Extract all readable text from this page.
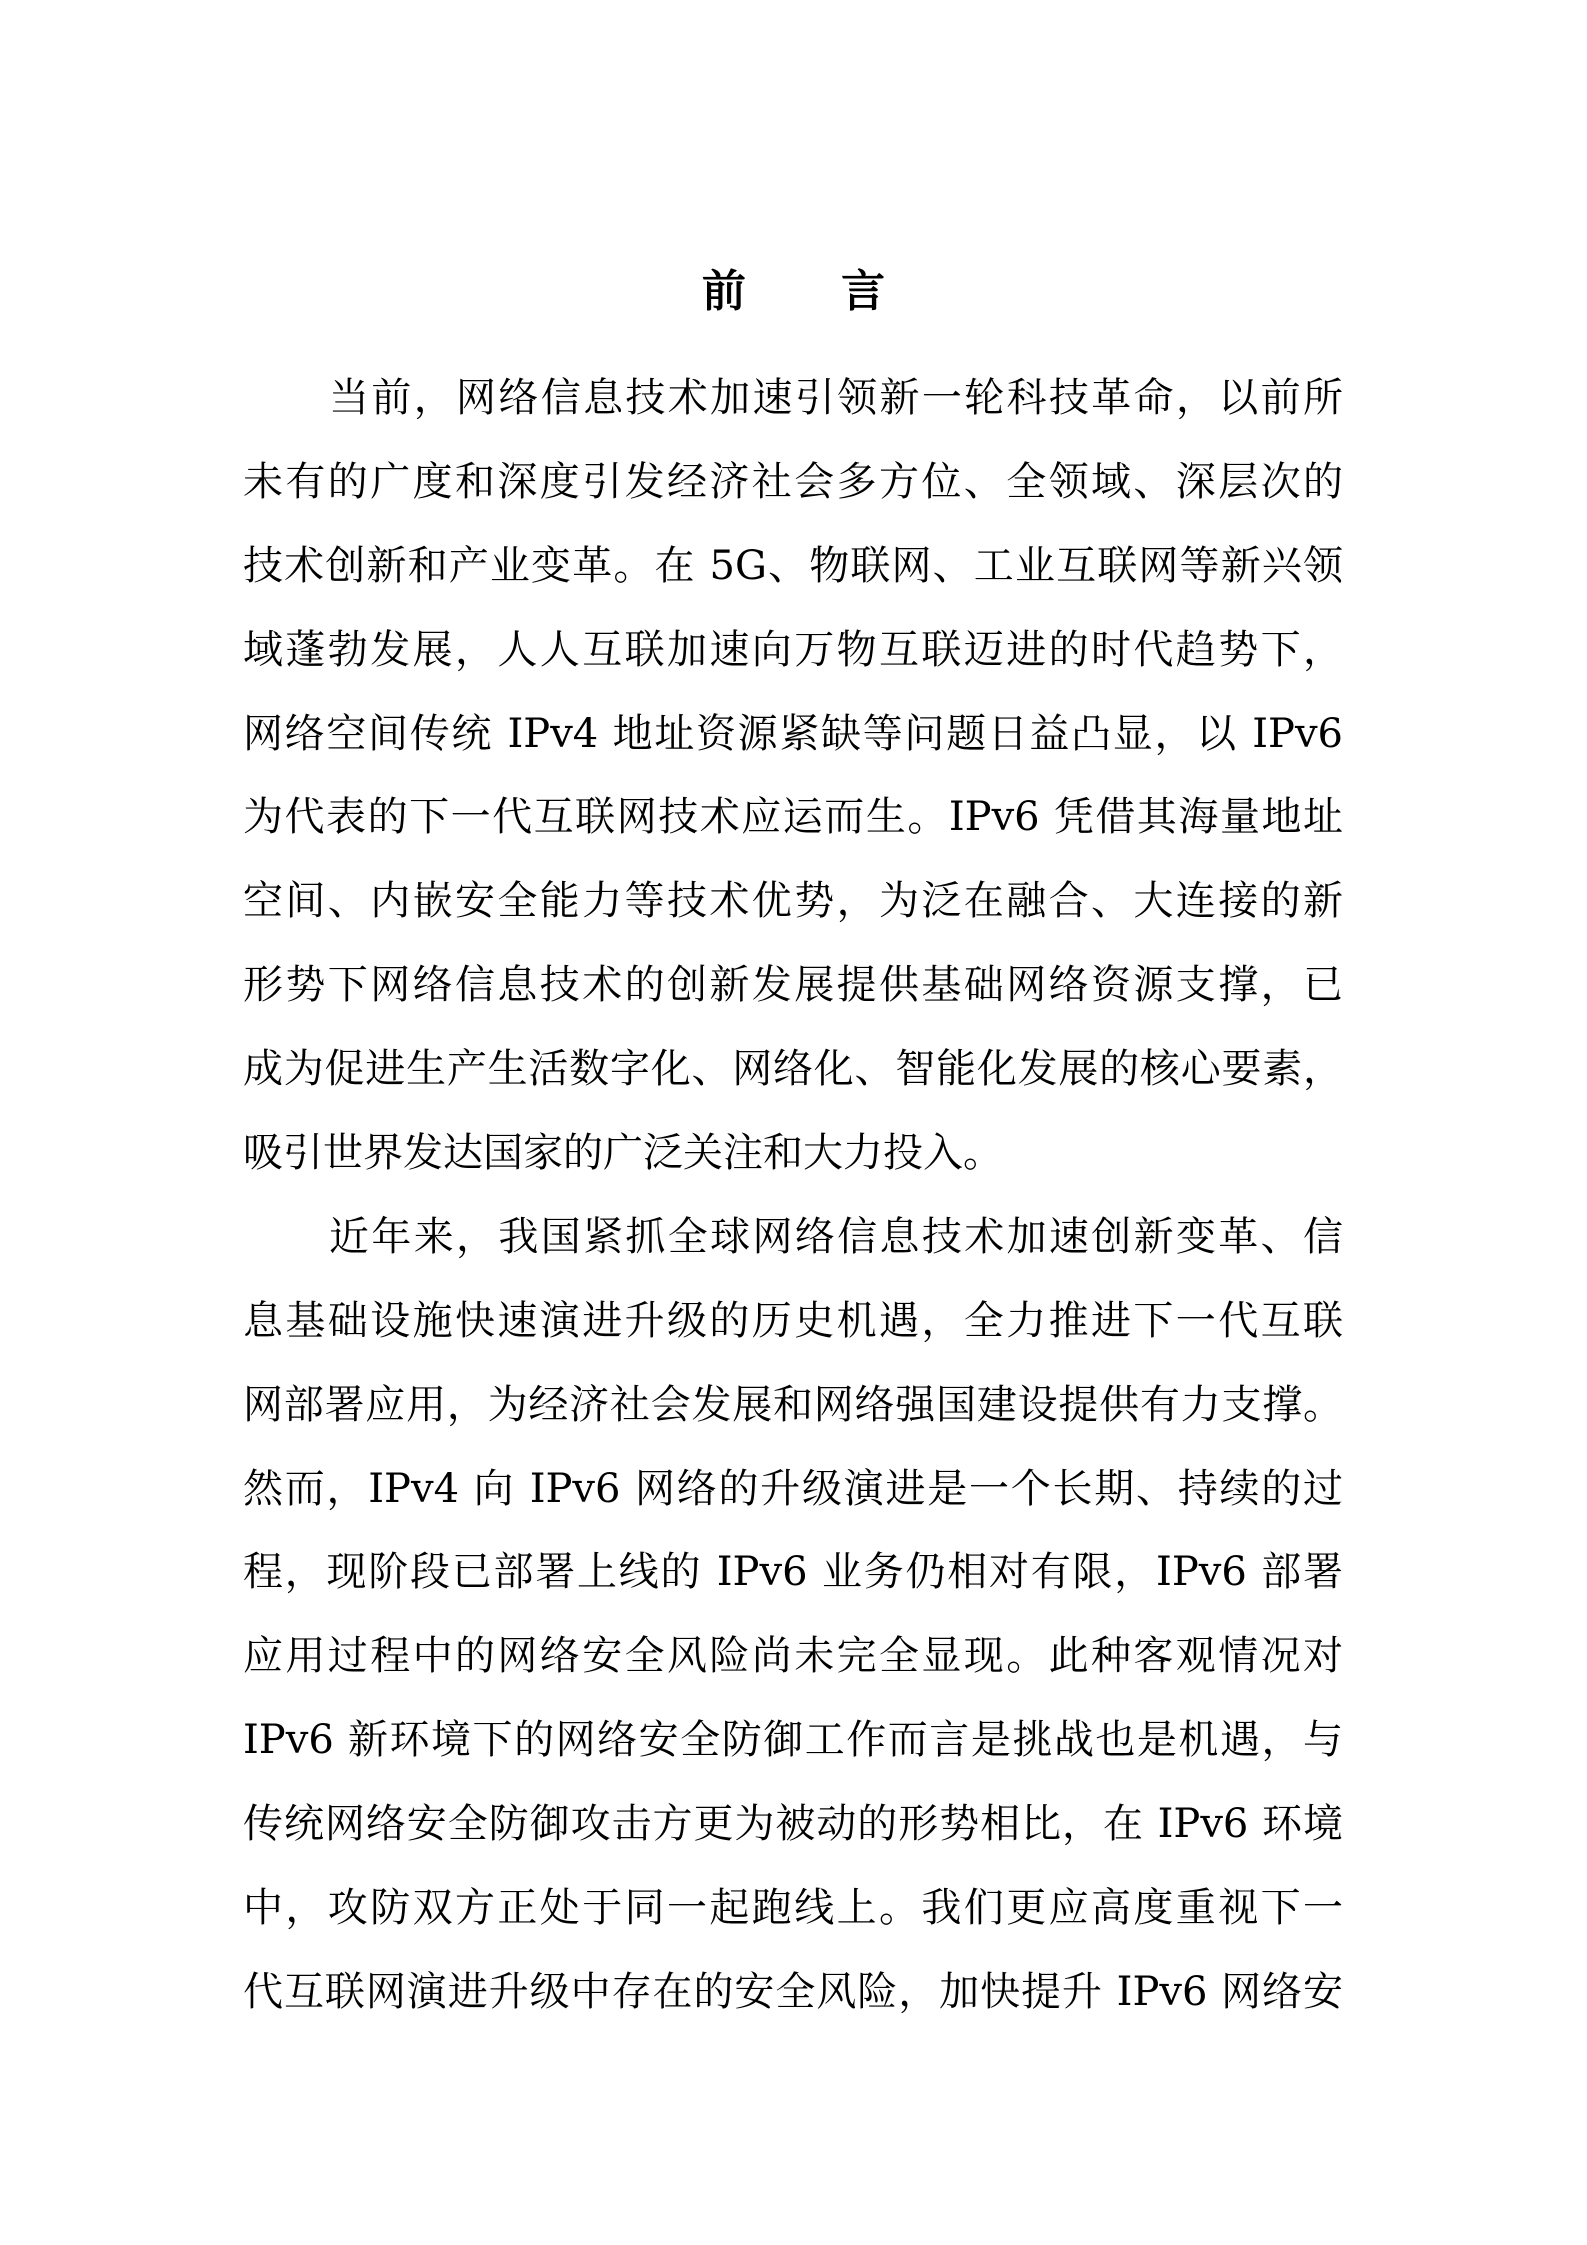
前 言
当前，网络信息技术加速引领新一轮科技革命，以前所
未有的广度和深度引发经济社会多方位、全领域、深层次的
技术创新和产业变革。在 5G、物联网、工业互联网等新兴领
域蓬勃发展，人人互联加速向万物互联迈进的时代趋势下，
网络空间传统 IPv4 地址资源紧缺等问题日益凸显，以 IPv6
为代表的下一代互联网技术应运而生。IPv6 凭借其海量地址
空间、内嵌安全能力等技术优势，为泛在融合、大连接的新
形势下网络信息技术的创新发展提供基础网络资源支撑，已
成为促进生产生活数字化、网络化、智能化发展的核心要素，
吸引世界发达国家的广泛关注和大力投入。
近年来，我国紧抓全球网络信息技术加速创新变革、信
息基础设施快速演进升级的历史机遇，全力推进下一代互联
网部署应用，为经济社会发展和网络强国建设提供有力支撑。
然而，IPv4 向 IPv6 网络的升级演进是一个长期、持续的过
程，现阶段已部署上线的 IPv6 业务仍相对有限，IPv6 部署
应用过程中的网络安全风险尚未完全显现。此种客观情况对
IPv6 新环境下的网络安全防御工作而言是挑战也是机遇，与
传统网络安全防御攻击方更为被动的形势相比，在 IPv6 环境
中，攻防双方正处于同一起跑线上。我们更应高度重视下一
代互联网演进升级中存在的安全风险，加快提升 IPv6 网络安
